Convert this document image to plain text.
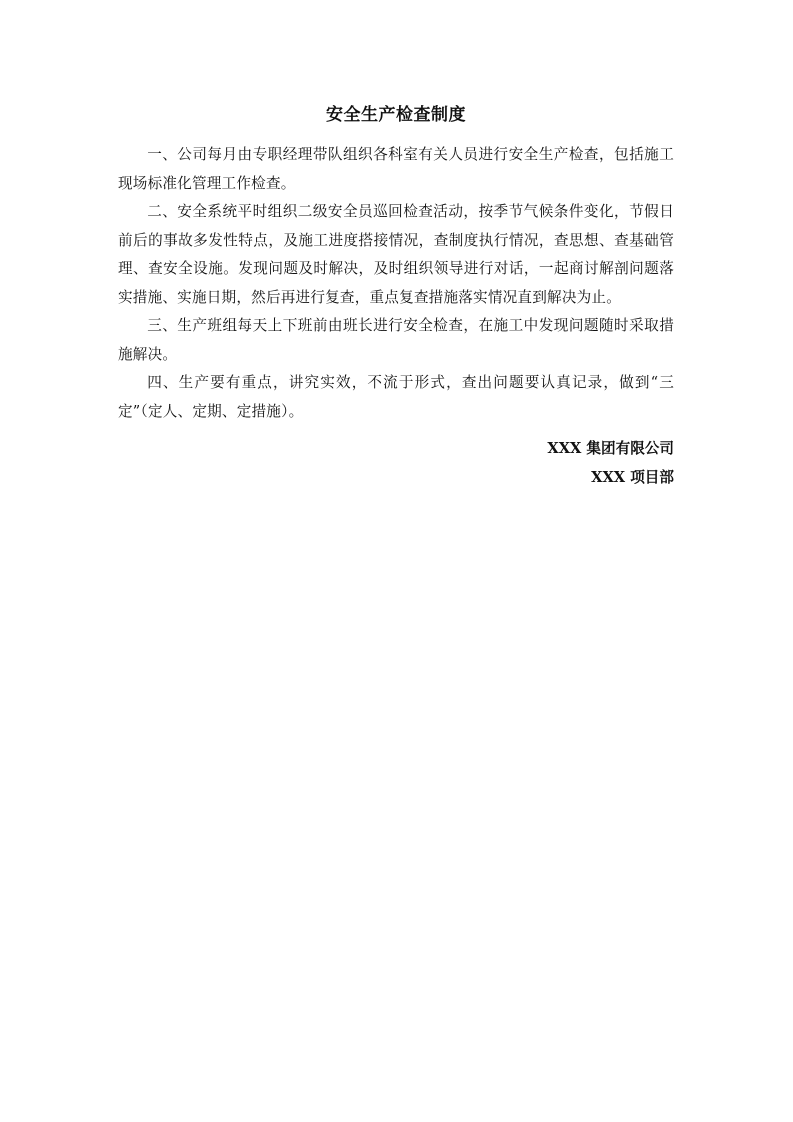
安全生产检查制度

一、公司每月由专职经理带队组织各科室有关人员进行安全生产检查，包括施工现场标准化管理工作检查。

二、安全系统平时组织二级安全员巡回检查活动，按季节气候条件变化，节假日前后的事故多发性特点，及施工进度搭接情况，查制度执行情况，查思想、查基础管理、查安全设施。发现问题及时解决，及时组织领导进行对话，一起商讨解剖问题落实措施、实施日期，然后再进行复查，重点复查措施落实情况直到解决为止。

三、生产班组每天上下班前由班长进行安全检查，在施工中发现问题随时采取措施解决。

四、生产要有重点，讲究实效，不流于形式，查出问题要认真记录，做到“三定”（定人、定期、定措施）。

XXX 集团有限公司
XXX 项目部
